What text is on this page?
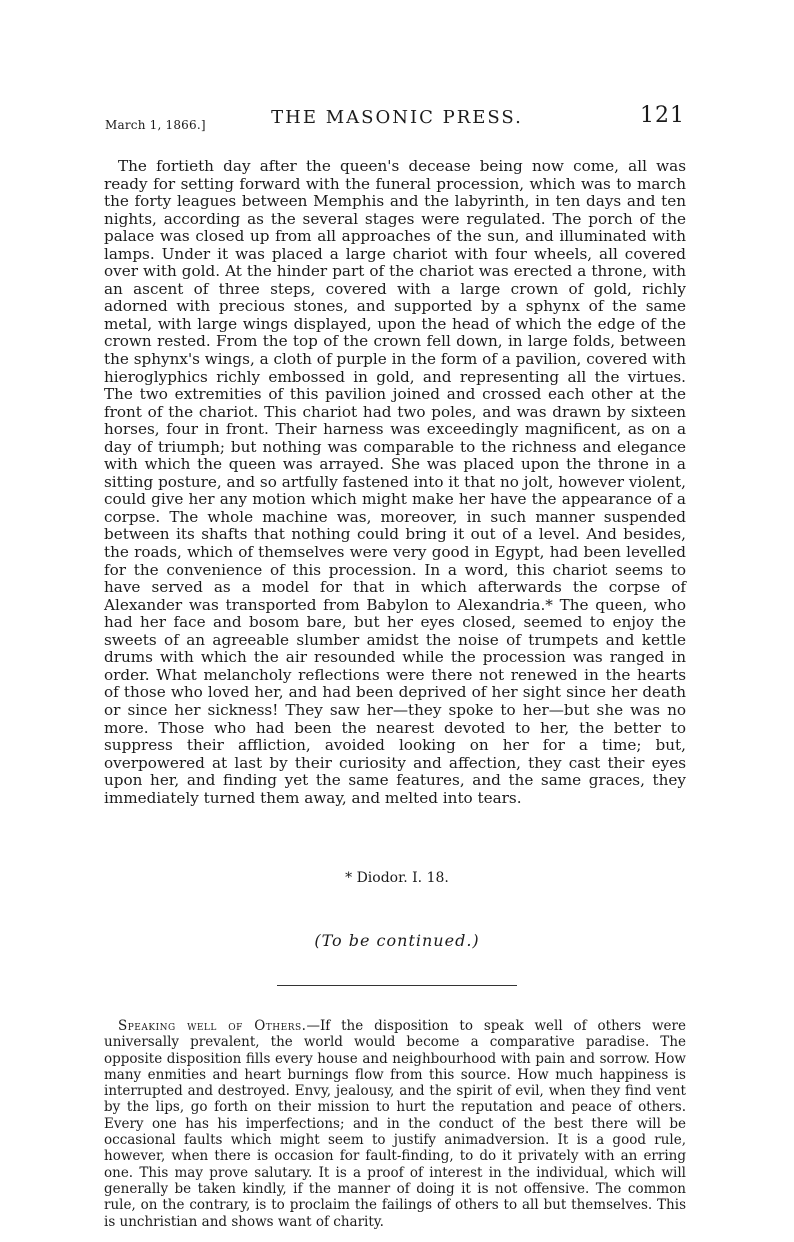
March 1, 1866.]	THE MASONIC PRESS.	121

The fortieth day after the queen's decease being now come, all was ready for setting forward with the funeral procession, which was to march the forty leagues between Memphis and the labyrinth, in ten days and ten nights, according as the several stages were regulated. The porch of the palace was closed up from all approaches of the sun, and illuminated with lamps. Under it was placed a large chariot with four wheels, all covered over with gold. At the hinder part of the chariot was erected a throne, with an ascent of three steps, covered with a large crown of gold, richly adorned with precious stones, and supported by a sphynx of the same metal, with large wings displayed, upon the head of which the edge of the crown rested. From the top of the crown fell down, in large folds, between the sphynx's wings, a cloth of purple in the form of a pavilion, covered with hieroglyphics richly embossed in gold, and representing all the virtues. The two extremities of this pavilion joined and crossed each other at the front of the chariot. This chariot had two poles, and was drawn by sixteen horses, four in front. Their harness was exceedingly magnificent, as on a day of triumph; but nothing was comparable to the richness and elegance with which the queen was arrayed. She was placed upon the throne in a sitting posture, and so artfully fastened into it that no jolt, however violent, could give her any motion which might make her have the appearance of a corpse. The whole machine was, moreover, in such manner suspended between its shafts that nothing could bring it out of a level. And besides, the roads, which of themselves were very good in Egypt, had been levelled for the convenience of this procession. In a word, this chariot seems to have served as a model for that in which afterwards the corpse of Alexander was transported from Babylon to Alexandria.* The queen, who had her face and bosom bare, but her eyes closed, seemed to enjoy the sweets of an agreeable slumber amidst the noise of trumpets and kettle drums with which the air resounded while the procession was ranged in order. What melancholy reflections were there not renewed in the hearts of those who loved her, and had been deprived of her sight since her death or since her sickness! They saw her—they spoke to her—but she was no more. Those who had been the nearest devoted to her, the better to suppress their affliction, avoided looking on her for a time; but, overpowered at last by their curiosity and affection, they cast their eyes upon her, and finding yet the same features, and the same graces, they immediately turned them away, and melted into tears.

* Diodor. I. 18.
(To be continued.)

Speaking well of Others.—If the disposition to speak well of others were universally prevalent, the world would become a comparative paradise. The opposite disposition fills every house and neighbourhood with pain and sorrow. How many enmities and heart burnings flow from this source. How much happiness is interrupted and destroyed. Envy, jealousy, and the spirit of evil, when they find vent by the lips, go forth on their mission to hurt the reputation and peace of others. Every one has his imperfections; and in the conduct of the best there will be occasional faults which might seem to justify animadversion. It is a good rule, however, when there is occasion for fault-finding, to do it privately with an erring one. This may prove salutary. It is a proof of interest in the individual, which will generally be taken kindly, if the manner of doing it is not offensive. The common rule, on the contrary, is to proclaim the failings of others to all but themselves. This is unchristian and shows want of charity.
